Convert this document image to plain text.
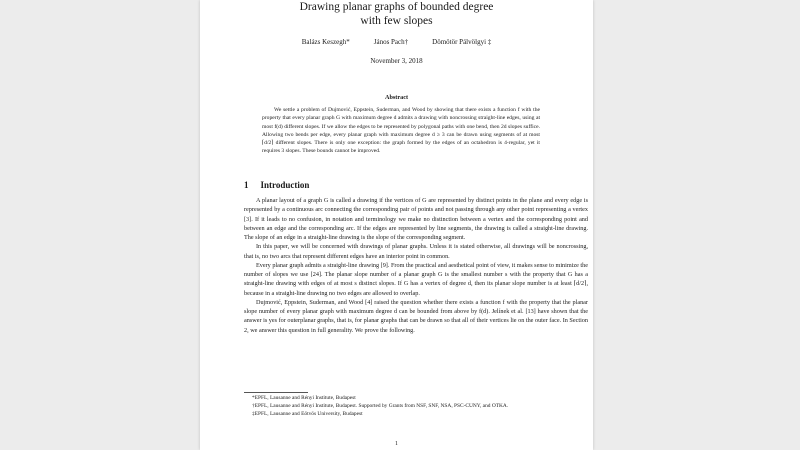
Drawing planar graphs of bounded degree
with few slopes
Balázs Keszegh*	János Pach†	Dömötör Pálvölgyi ‡
November 3, 2018
Abstract
We settle a problem of Dujmović, Eppstein, Suderman, and Wood by showing that there exists a function f with the property that every planar graph G with maximum degree d admits a drawing with noncrossing straight-line edges, using at most f(d) different slopes. If we allow the edges to be represented by polygonal paths with one bend, then 2d slopes suffice. Allowing two bends per edge, every planar graph with maximum degree d ≥ 3 can be drawn using segments of at most ⌈d/2⌉ different slopes. There is only one exception: the graph formed by the edges of an octahedron is 4-regular, yet it requires 3 slopes. These bounds cannot be improved.
1 Introduction

A planar layout of a graph G is called a drawing if the vertices of G are represented by distinct points in the plane and every edge is represented by a continuous arc connecting the corresponding pair of points and not passing through any other point representing a vertex [3]. If it leads to no confusion, in notation and terminology we make no distinction between a vertex and the corresponding point and between an edge and the corresponding arc. If the edges are represented by line segments, the drawing is called a straight-line drawing. The slope of an edge in a straight-line drawing is the slope of the corresponding segment.

In this paper, we will be concerned with drawings of planar graphs. Unless it is stated otherwise, all drawings will be noncrossing, that is, no two arcs that represent different edges have an interior point in common.

Every planar graph admits a straight-line drawing [9]. From the practical and aesthetical point of view, it makes sense to minimize the number of slopes we use [24]. The planar slope number of a planar graph G is the smallest number s with the property that G has a straight-line drawing with edges of at most s distinct slopes. If G has a vertex of degree d, then its planar slope number is at least ⌈d/2⌉, because in a straight-line drawing no two edges are allowed to overlap.

Dujmović, Eppstein, Suderman, and Wood [4] raised the question whether there exists a function f with the property that the planar slope number of every planar graph with maximum degree d can be bounded from above by f(d). Jelínek et al. [13] have shown that the answer is yes for outerplanar graphs, that is, for planar graphs that can be drawn so that all of their vertices lie on the outer face. In Section 2, we answer this question in full generality. We prove the following.

*EPFL, Lausanne and Rényi Institute, Budapest

†EPFL, Lausanne and Rényi Institute, Budapest. Supported by Grants from NSF, SNF, NSA, PSC-CUNY, and OTKA.

‡EPFL, Lausanne and Eötvös University, Budapest

1
